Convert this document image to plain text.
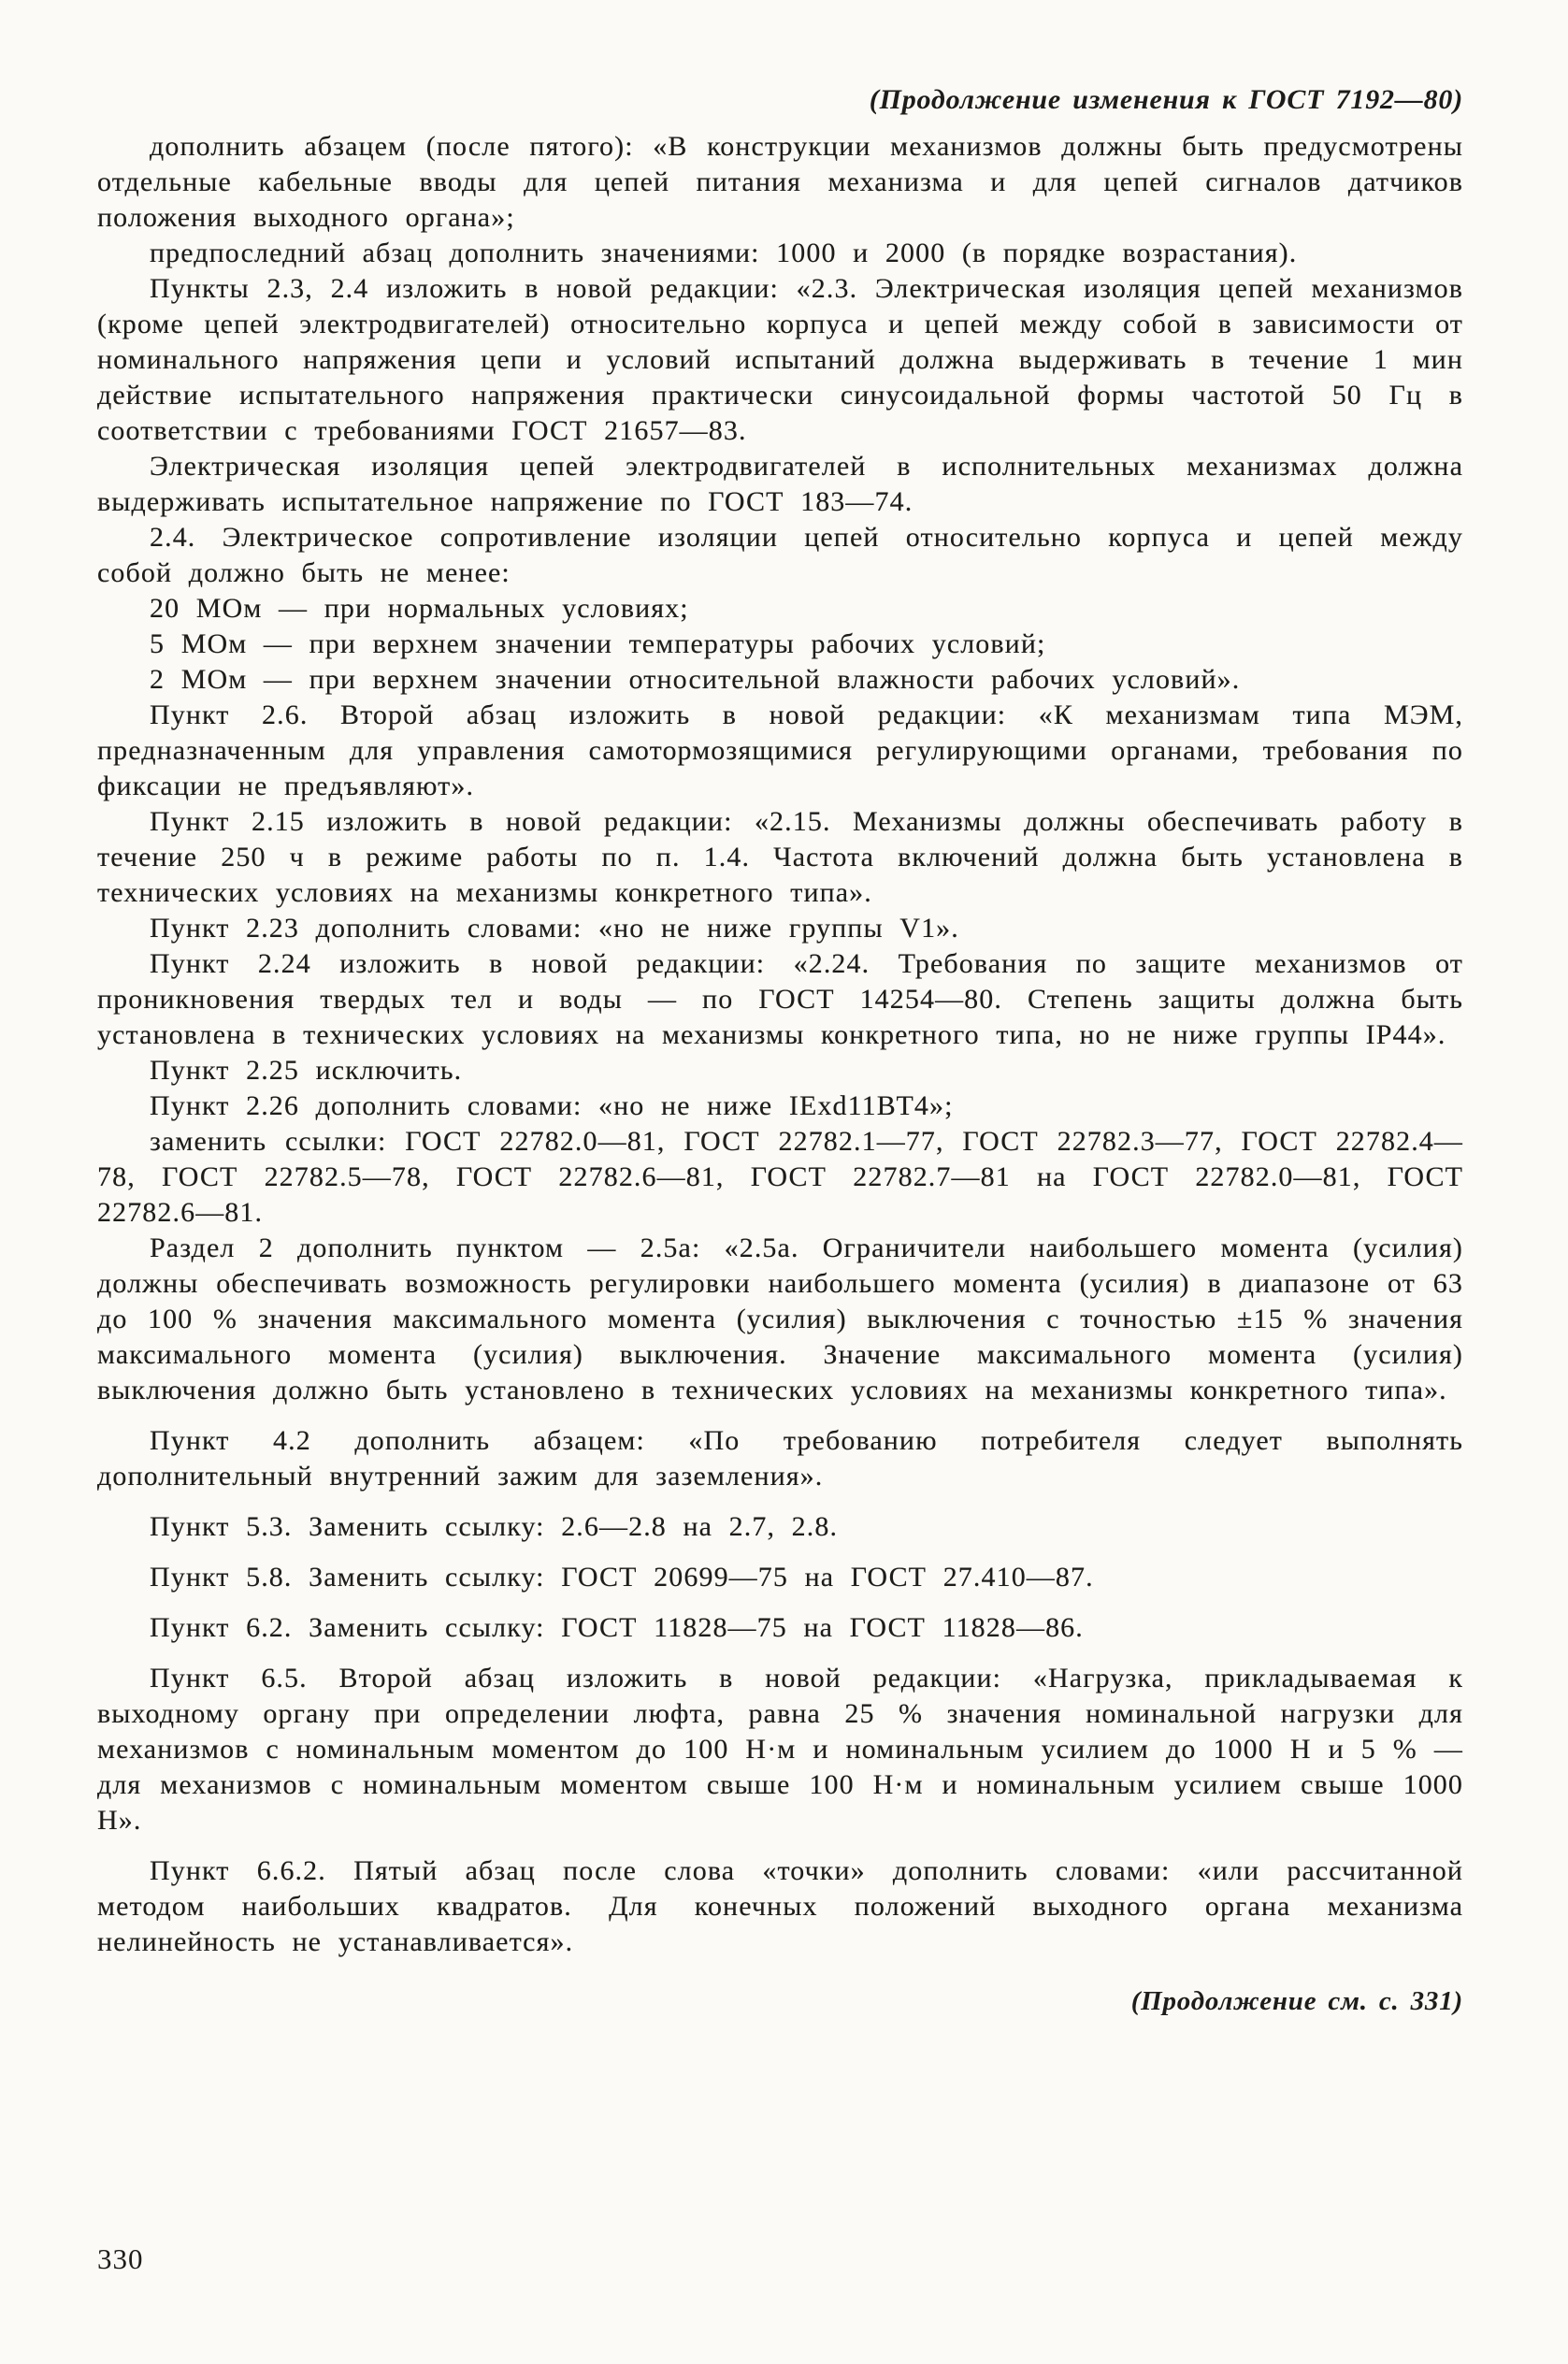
(Продолжение изменения к ГОСТ 7192—80)

дополнить абзацем (после пятого): «В конструкции механизмов должны быть предусмотрены отдельные кабельные вводы для цепей питания механизма и для цепей сигналов датчиков положения выходного органа»;

предпоследний абзац дополнить значениями: 1000 и 2000 (в порядке возрастания).

Пункты 2.3, 2.4 изложить в новой редакции: «2.3. Электрическая изоляция цепей механизмов (кроме цепей электродвигателей) относительно корпуса и цепей между собой в зависимости от номинального напряжения цепи и условий испытаний должна выдерживать в течение 1 мин действие испытательного напряжения практически синусоидальной формы частотой 50 Гц в соответствии с требованиями ГОСТ 21657—83.

Электрическая изоляция цепей электродвигателей в исполнительных механизмах должна выдерживать испытательное напряжение по ГОСТ 183—74.

2.4. Электрическое сопротивление изоляции цепей относительно корпуса и цепей между собой должно быть не менее:

20 МОм — при нормальных условиях;

5 МОм — при верхнем значении температуры рабочих условий;

2 МОм — при верхнем значении относительной влажности рабочих условий».

Пункт 2.6. Второй абзац изложить в новой редакции: «К механизмам типа МЭМ, предназначенным для управления самотормозящимися регулирующими органами, требования по фиксации не предъявляют».

Пункт 2.15 изложить в новой редакции: «2.15. Механизмы должны обеспечивать работу в течение 250 ч в режиме работы по п. 1.4. Частота включений должна быть установлена в технических условиях на механизмы конкретного типа».

Пункт 2.23 дополнить словами: «но не ниже группы V1».

Пункт 2.24 изложить в новой редакции: «2.24. Требования по защите механизмов от проникновения твердых тел и воды — по ГОСТ 14254—80. Степень защиты должна быть установлена в технических условиях на механизмы конкретного типа, но не ниже группы IP44».

Пункт 2.25 исключить.

Пункт 2.26 дополнить словами: «но не ниже IExd11ВТ4»;

заменить ссылки: ГОСТ 22782.0—81, ГОСТ 22782.1—77, ГОСТ 22782.3—77, ГОСТ 22782.4—78, ГОСТ 22782.5—78, ГОСТ 22782.6—81, ГОСТ 22782.7—81 на ГОСТ 22782.0—81, ГОСТ 22782.6—81.

Раздел 2 дополнить пунктом — 2.5а: «2.5а. Ограничители наибольшего момента (усилия) должны обеспечивать возможность регулировки наибольшего момента (усилия) в диапазоне от 63 до 100 % значения максимального момента (усилия) выключения с точностью ±15 % значения максимального момента (усилия) выключения. Значение максимального момента (усилия) выключения должно быть установлено в технических условиях на механизмы конкретного типа».

Пункт 4.2 дополнить абзацем: «По требованию потребителя следует выполнять дополнительный внутренний зажим для заземления».

Пункт 5.3. Заменить ссылку: 2.6—2.8 на 2.7, 2.8.

Пункт 5.8. Заменить ссылку: ГОСТ 20699—75 на ГОСТ 27.410—87.

Пункт 6.2. Заменить ссылку: ГОСТ 11828—75 на ГОСТ 11828—86.

Пункт 6.5. Второй абзац изложить в новой редакции: «Нагрузка, прикладываемая к выходному органу при определении люфта, равна 25 % значения номинальной нагрузки для механизмов с номинальным моментом до 100 Н·м и номинальным усилием до 1000 Н и 5 % — для механизмов с номинальным моментом свыше 100 Н·м и номинальным усилием свыше 1000 Н».

Пункт 6.6.2. Пятый абзац после слова «точки» дополнить словами: «или рассчитанной методом наибольших квадратов. Для конечных положений выходного органа механизма нелинейность не устанавливается».

(Продолжение см. с. 331)
330
